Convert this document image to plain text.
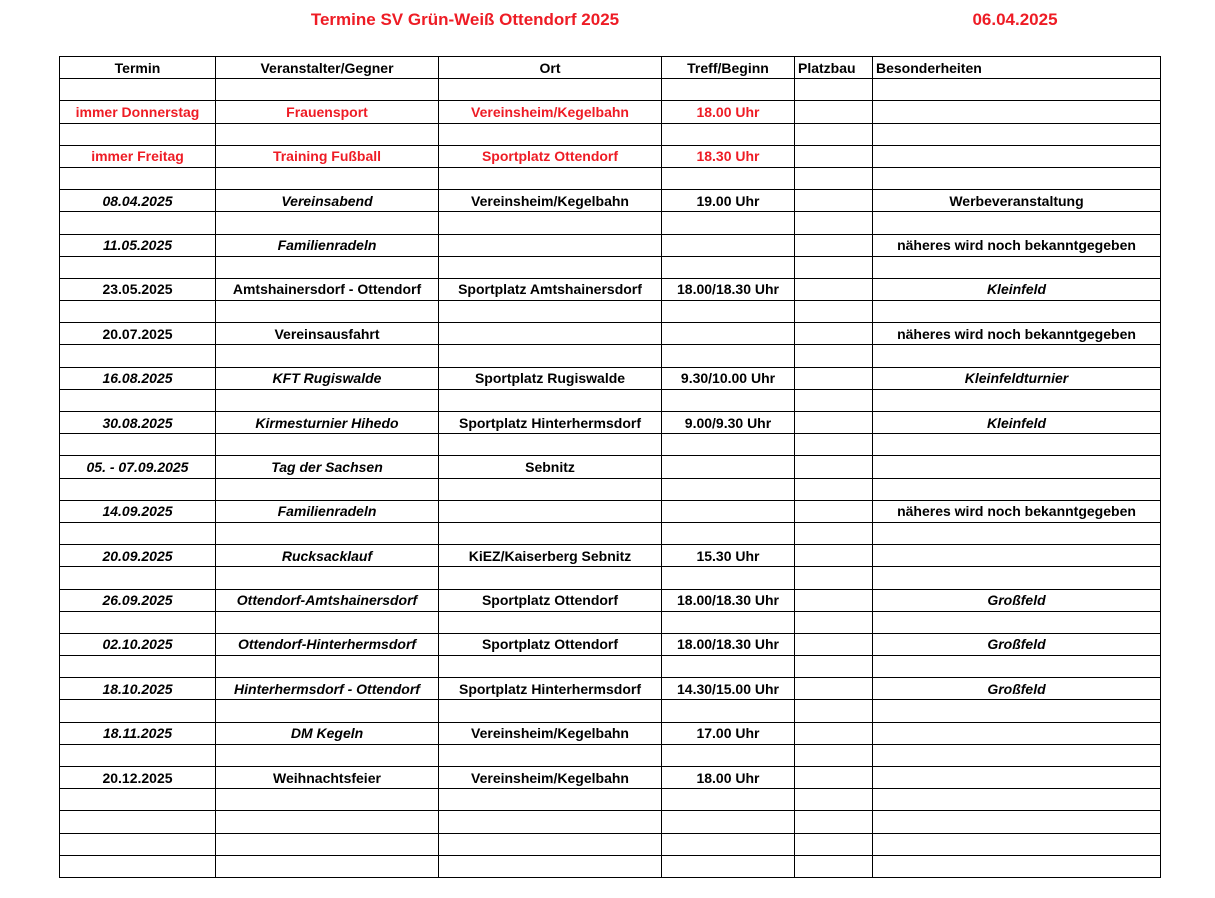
Termine SV Grün-Weiß Ottendorf 2025	06.04.2025
Termin	Veranstalter/Gegner	Ort	Treff/Beginn	Platzbau	Besonderheiten

immer Donnerstag	Frauensport	Vereinsheim/Kegelbahn	18.00 Uhr		

immer Freitag	Training Fußball	Sportplatz Ottendorf	18.30 Uhr		

08.04.2025	Vereinsabend	Vereinsheim/Kegelbahn	19.00 Uhr		Werbeveranstaltung

11.05.2025	Familienradeln				näheres wird noch bekanntgegeben

23.05.2025	Amtshainersdorf - Ottendorf	Sportplatz Amtshainersdorf	18.00/18.30 Uhr		Kleinfeld

20.07.2025	Vereinsausfahrt				näheres wird noch bekanntgegeben

16.08.2025	KFT Rugiswalde	Sportplatz Rugiswalde	9.30/10.00 Uhr		Kleinfeldturnier

30.08.2025	Kirmesturnier Hihedo	Sportplatz Hinterhermsdorf	9.00/9.30 Uhr		Kleinfeld

05. - 07.09.2025	Tag der Sachsen	Sebnitz			

14.09.2025	Familienradeln				näheres wird noch bekanntgegeben

20.09.2025	Rucksacklauf	KiEZ/Kaiserberg Sebnitz	15.30 Uhr		

26.09.2025	Ottendorf-Amtshainersdorf	Sportplatz Ottendorf	18.00/18.30 Uhr		Großfeld

02.10.2025	Ottendorf-Hinterhermsdorf	Sportplatz Ottendorf	18.00/18.30 Uhr		Großfeld

18.10.2025	Hinterhermsdorf - Ottendorf	Sportplatz Hinterhermsdorf	14.30/15.00 Uhr		Großfeld

18.11.2025	DM Kegeln	Vereinsheim/Kegelbahn	17.00 Uhr		

20.12.2025	Weihnachtsfeier	Vereinsheim/Kegelbahn	18.00 Uhr		
